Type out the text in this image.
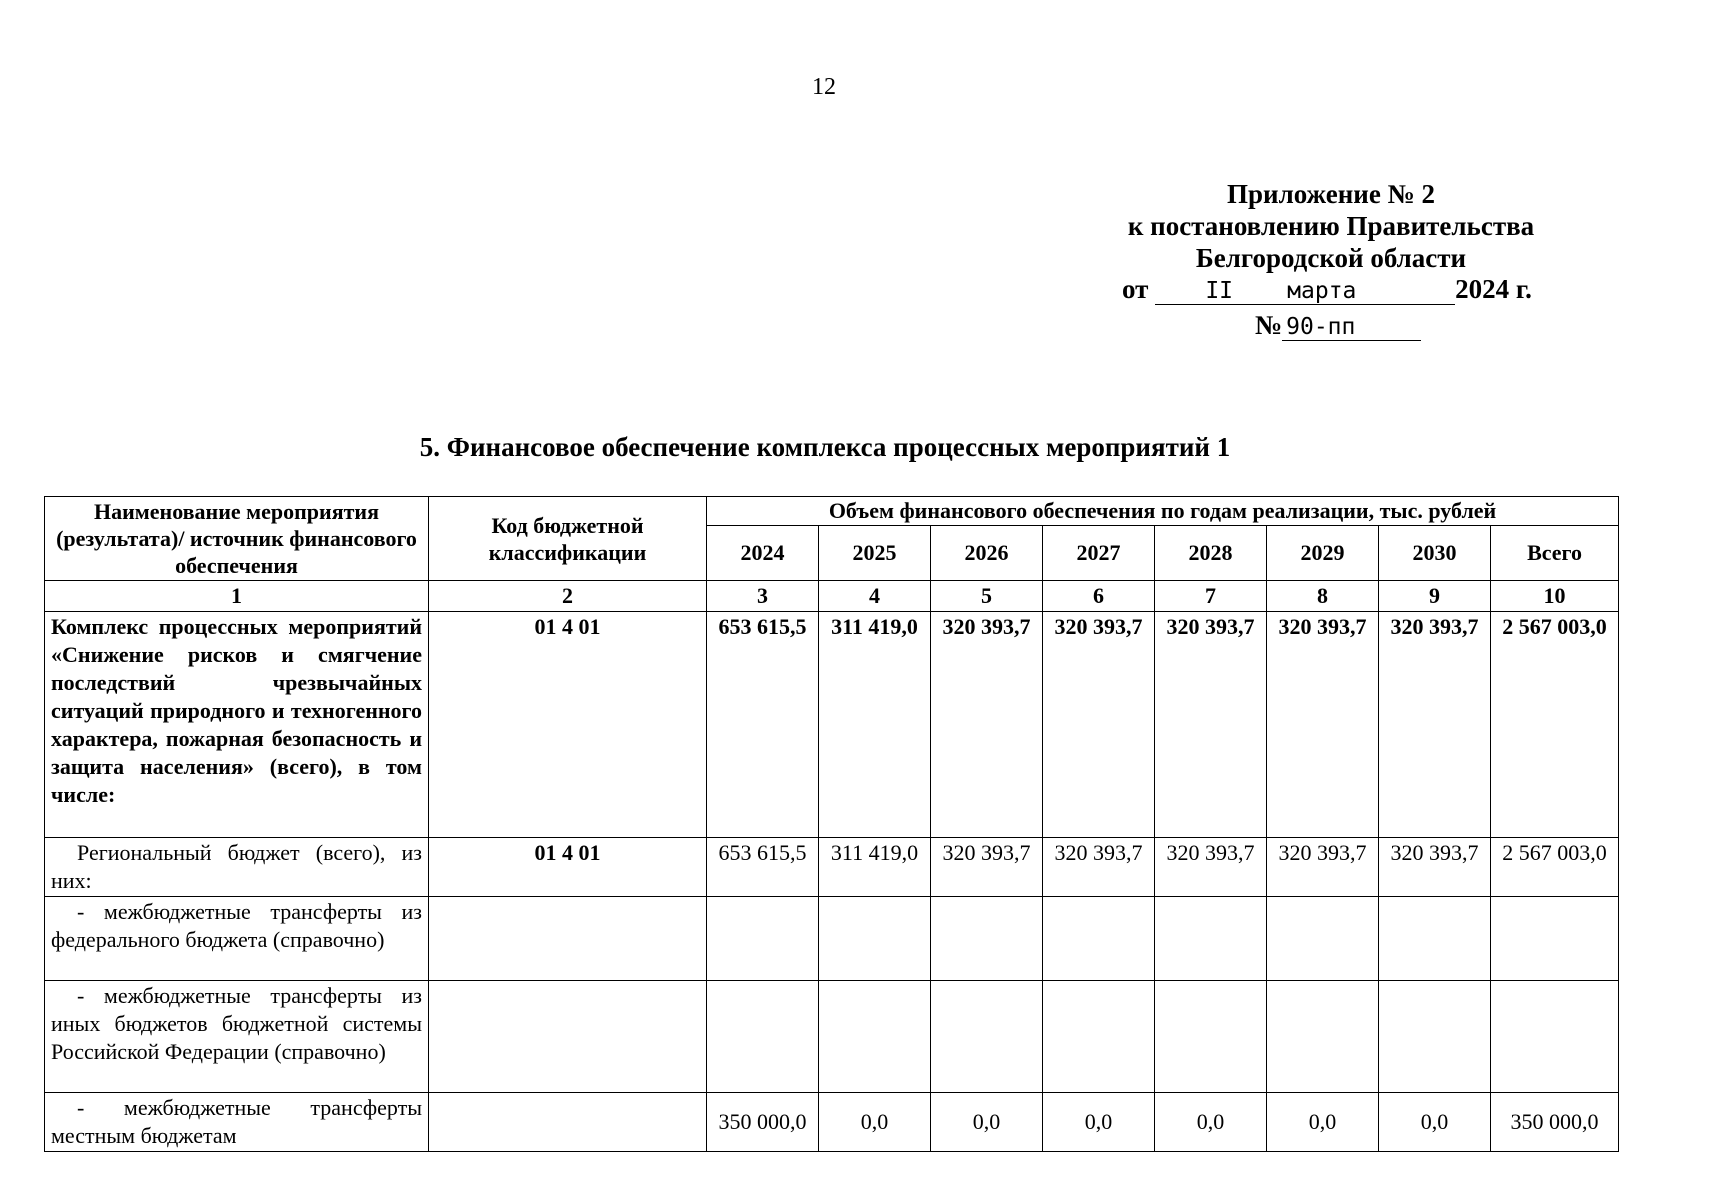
12
Приложение № 2
к постановлению Правительства
Белгородской области
от II марта	2024 г.
№ 90-пп
5. Финансовое обеспечение комплекса процессных мероприятий 1
Наименование мероприятия (результата)/ источник финансового обеспечения	Код бюджетной классификации	Объем финансового обеспечения по годам реализации, тыс. рублей							
		2024	2025	2026	2027	2028	2029	2030	Всего
1	2	3	4	5	6	7	8	9	10
Комплекс процессных мероприятий «Снижение рисков и смягчение последствий чрезвычайных ситуаций природного и техногенного характера, пожарная безопасность и защита населения» (всего), в том числе:	01 4 01	653 615,5	311 419,0	320 393,7	320 393,7	320 393,7	320 393,7	320 393,7	2 567 003,0
Региональный бюджет (всего), из них:	01 4 01	653 615,5	311 419,0	320 393,7	320 393,7	320 393,7	320 393,7	320 393,7	2 567 003,0
- межбюджетные трансферты из федерального бюджета (справочно)									
- межбюджетные трансферты из иных бюджетов бюджетной системы Российской Федерации (справочно)									
- межбюджетные трансферты местным бюджетам		350 000,0	0,0	0,0	0,0	0,0	0,0	0,0	350 000,0
